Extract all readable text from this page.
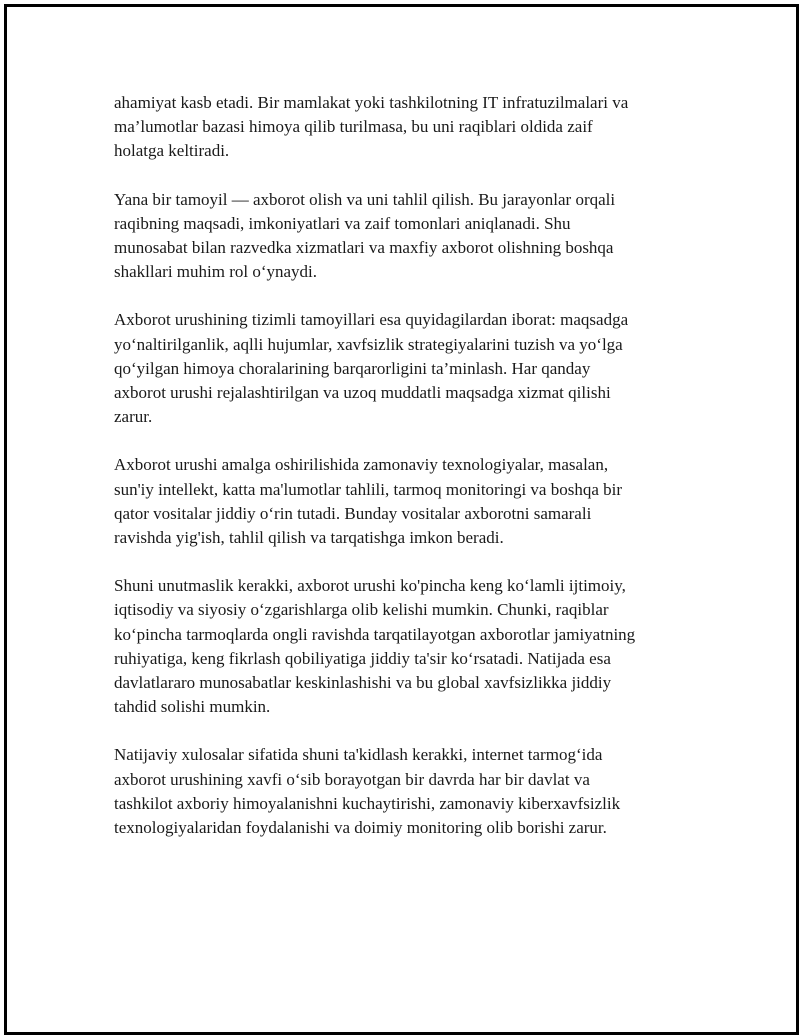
ahamiyat kasb etadi. Bir mamlakat yoki tashkilotning IT infratuzilmalari va
ma’lumotlar bazasi himoya qilib turilmasa, bu uni raqiblari oldida zaif
holatga keltiradi.

Yana bir tamoyil — axborot olish va uni tahlil qilish. Bu jarayonlar orqali
raqibning maqsadi, imkoniyatlari va zaif tomonlari aniqlanadi. Shu
munosabat bilan razvedka xizmatlari va maxfiy axborot olishning boshqa
shakllari muhim rol o‘ynaydi.

Axborot urushining tizimli tamoyillari esa quyidagilardan iborat: maqsadga
yo‘naltirilganlik, aqlli hujumlar, xavfsizlik strategiyalarini tuzish va yo‘lga
qo‘yilgan himoya choralarining barqarorligini ta’minlash. Har qanday
axborot urushi rejalashtirilgan va uzoq muddatli maqsadga xizmat qilishi
zarur.

Axborot urushi amalga oshirilishida zamonaviy texnologiyalar, masalan,
sun'iy intellekt, katta ma'lumotlar tahlili, tarmoq monitoringi va boshqa bir
qator vositalar jiddiy o‘rin tutadi. Bunday vositalar axborotni samarali
ravishda yig'ish, tahlil qilish va tarqatishga imkon beradi.

Shuni unutmaslik kerakki, axborot urushi ko'pincha keng ko‘lamli ijtimoiy,
iqtisodiy va siyosiy o‘zgarishlarga olib kelishi mumkin. Chunki, raqiblar
ko‘pincha tarmoqlarda ongli ravishda tarqatilayotgan axborotlar jamiyatning
ruhiyatiga, keng fikrlash qobiliyatiga jiddiy ta'sir ko‘rsatadi. Natijada esa
davlatlararo munosabatlar keskinlashishi va bu global xavfsizlikka jiddiy
tahdid solishi mumkin.

Natijaviy xulosalar sifatida shuni ta'kidlash kerakki, internet tarmog‘ida
axborot urushining xavfi o‘sib borayotgan bir davrda har bir davlat va
tashkilot axboriy himoyalanishni kuchaytirishi, zamonaviy kiberxavfsizlik
texnologiyalaridan foydalanishi va doimiy monitoring olib borishi zarur.
